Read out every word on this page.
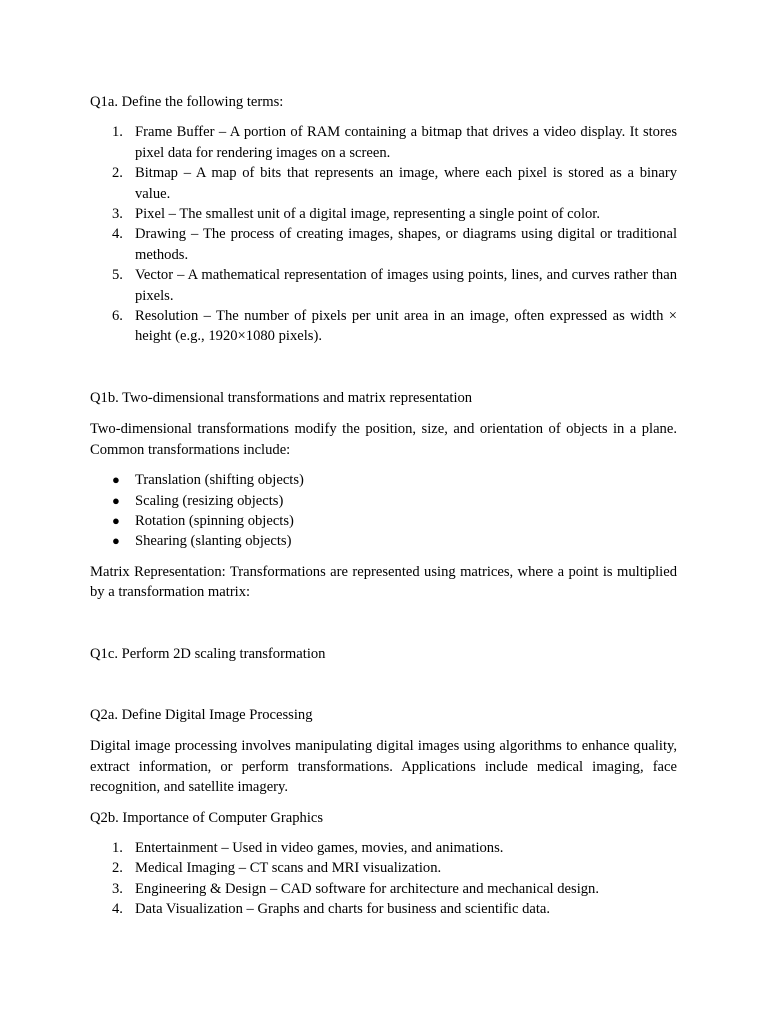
Q1a. Define the following terms:

1. Frame Buffer – A portion of RAM containing a bitmap that drives a video display. It stores pixel data for rendering images on a screen.
2. Bitmap – A map of bits that represents an image, where each pixel is stored as a binary value.
3. Pixel – The smallest unit of a digital image, representing a single point of color.
4. Drawing – The process of creating images, shapes, or diagrams using digital or traditional methods.
5. Vector – A mathematical representation of images using points, lines, and curves rather than pixels.
6. Resolution – The number of pixels per unit area in an image, often expressed as width × height (e.g., 1920×1080 pixels).

Q1b. Two-dimensional transformations and matrix representation

Two-dimensional transformations modify the position, size, and orientation of objects in a plane. Common transformations include:

● Translation (shifting objects)
● Scaling (resizing objects)
● Rotation (spinning objects)
● Shearing (slanting objects)

Matrix Representation: Transformations are represented using matrices, where a point is multiplied by a transformation matrix:

Q1c. Perform 2D scaling transformation

Q2a. Define Digital Image Processing

Digital image processing involves manipulating digital images using algorithms to enhance quality, extract information, or perform transformations. Applications include medical imaging, face recognition, and satellite imagery.

Q2b. Importance of Computer Graphics

1. Entertainment – Used in video games, movies, and animations.
2. Medical Imaging – CT scans and MRI visualization.
3. Engineering & Design – CAD software for architecture and mechanical design.
4. Data Visualization – Graphs and charts for business and scientific data.
